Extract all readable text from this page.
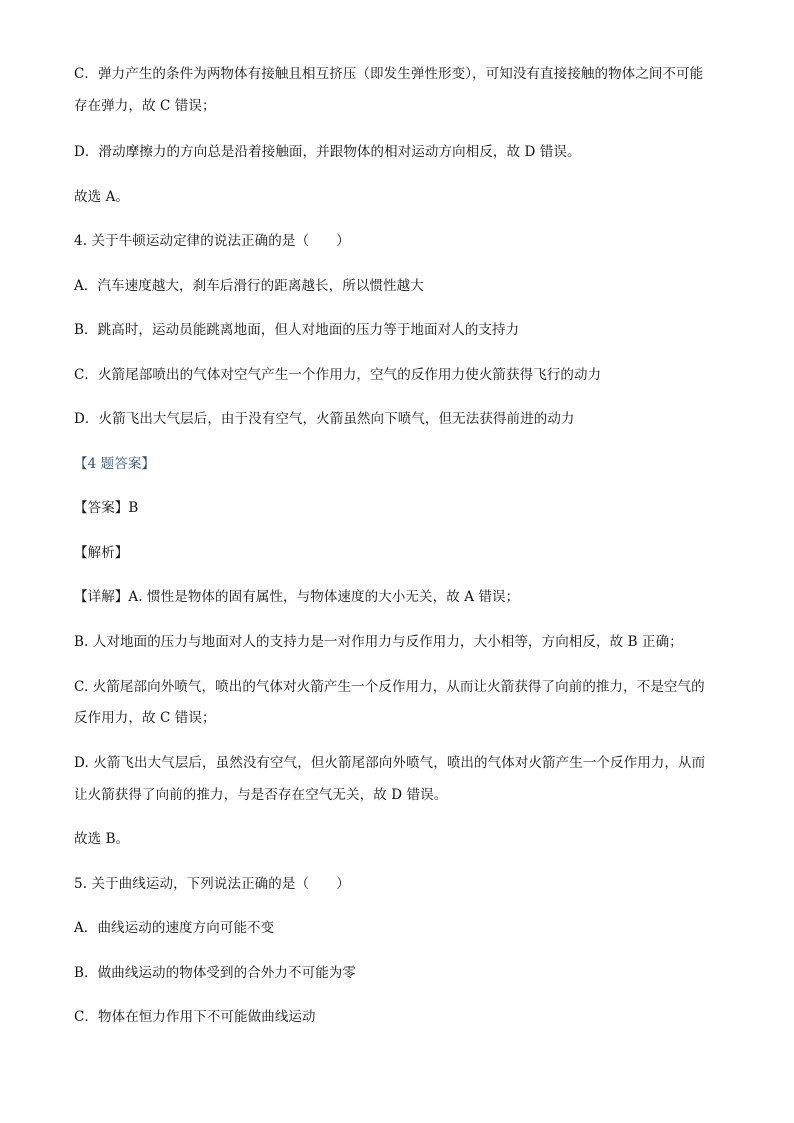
C．弹力产生的条件为两物体有接触且相互挤压（即发生弹性形变），可知没有直接接触的物体之间不可能
存在弹力，故 C 错误；
D．滑动摩擦力的方向总是沿着接触面，并跟物体的相对运动方向相反，故 D 错误。
故选 A。
4. 关于牛顿运动定律的说法正确的是（　　）
A．汽车速度越大，刹车后滑行的距离越长，所以惯性越大
B．跳高时，运动员能跳离地面，但人对地面的压力等于地面对人的支持力
C．火箭尾部喷出的气体对空气产生一个作用力，空气的反作用力使火箭获得飞行的动力
D．火箭飞出大气层后，由于没有空气，火箭虽然向下喷气，但无法获得前进的动力
【4 题答案】
【答案】B
【解析】
【详解】A. 惯性是物体的固有属性，与物体速度的大小无关，故 A 错误；
B. 人对地面的压力与地面对人的支持力是一对作用力与反作用力，大小相等，方向相反，故 B 正确；
C. 火箭尾部向外喷气，喷出的气体对火箭产生一个反作用力，从而让火箭获得了向前的推力，不是空气的
反作用力，故 C 错误；
D. 火箭飞出大气层后，虽然没有空气，但火箭尾部向外喷气，喷出的气体对火箭产生一个反作用力，从而
让火箭获得了向前的推力，与是否存在空气无关，故 D 错误。
故选 B。
5. 关于曲线运动，下列说法正确的是（　　）
A．曲线运动的速度方向可能不变
B．做曲线运动的物体受到的合外力不可能为零
C．物体在恒力作用下不可能做曲线运动
